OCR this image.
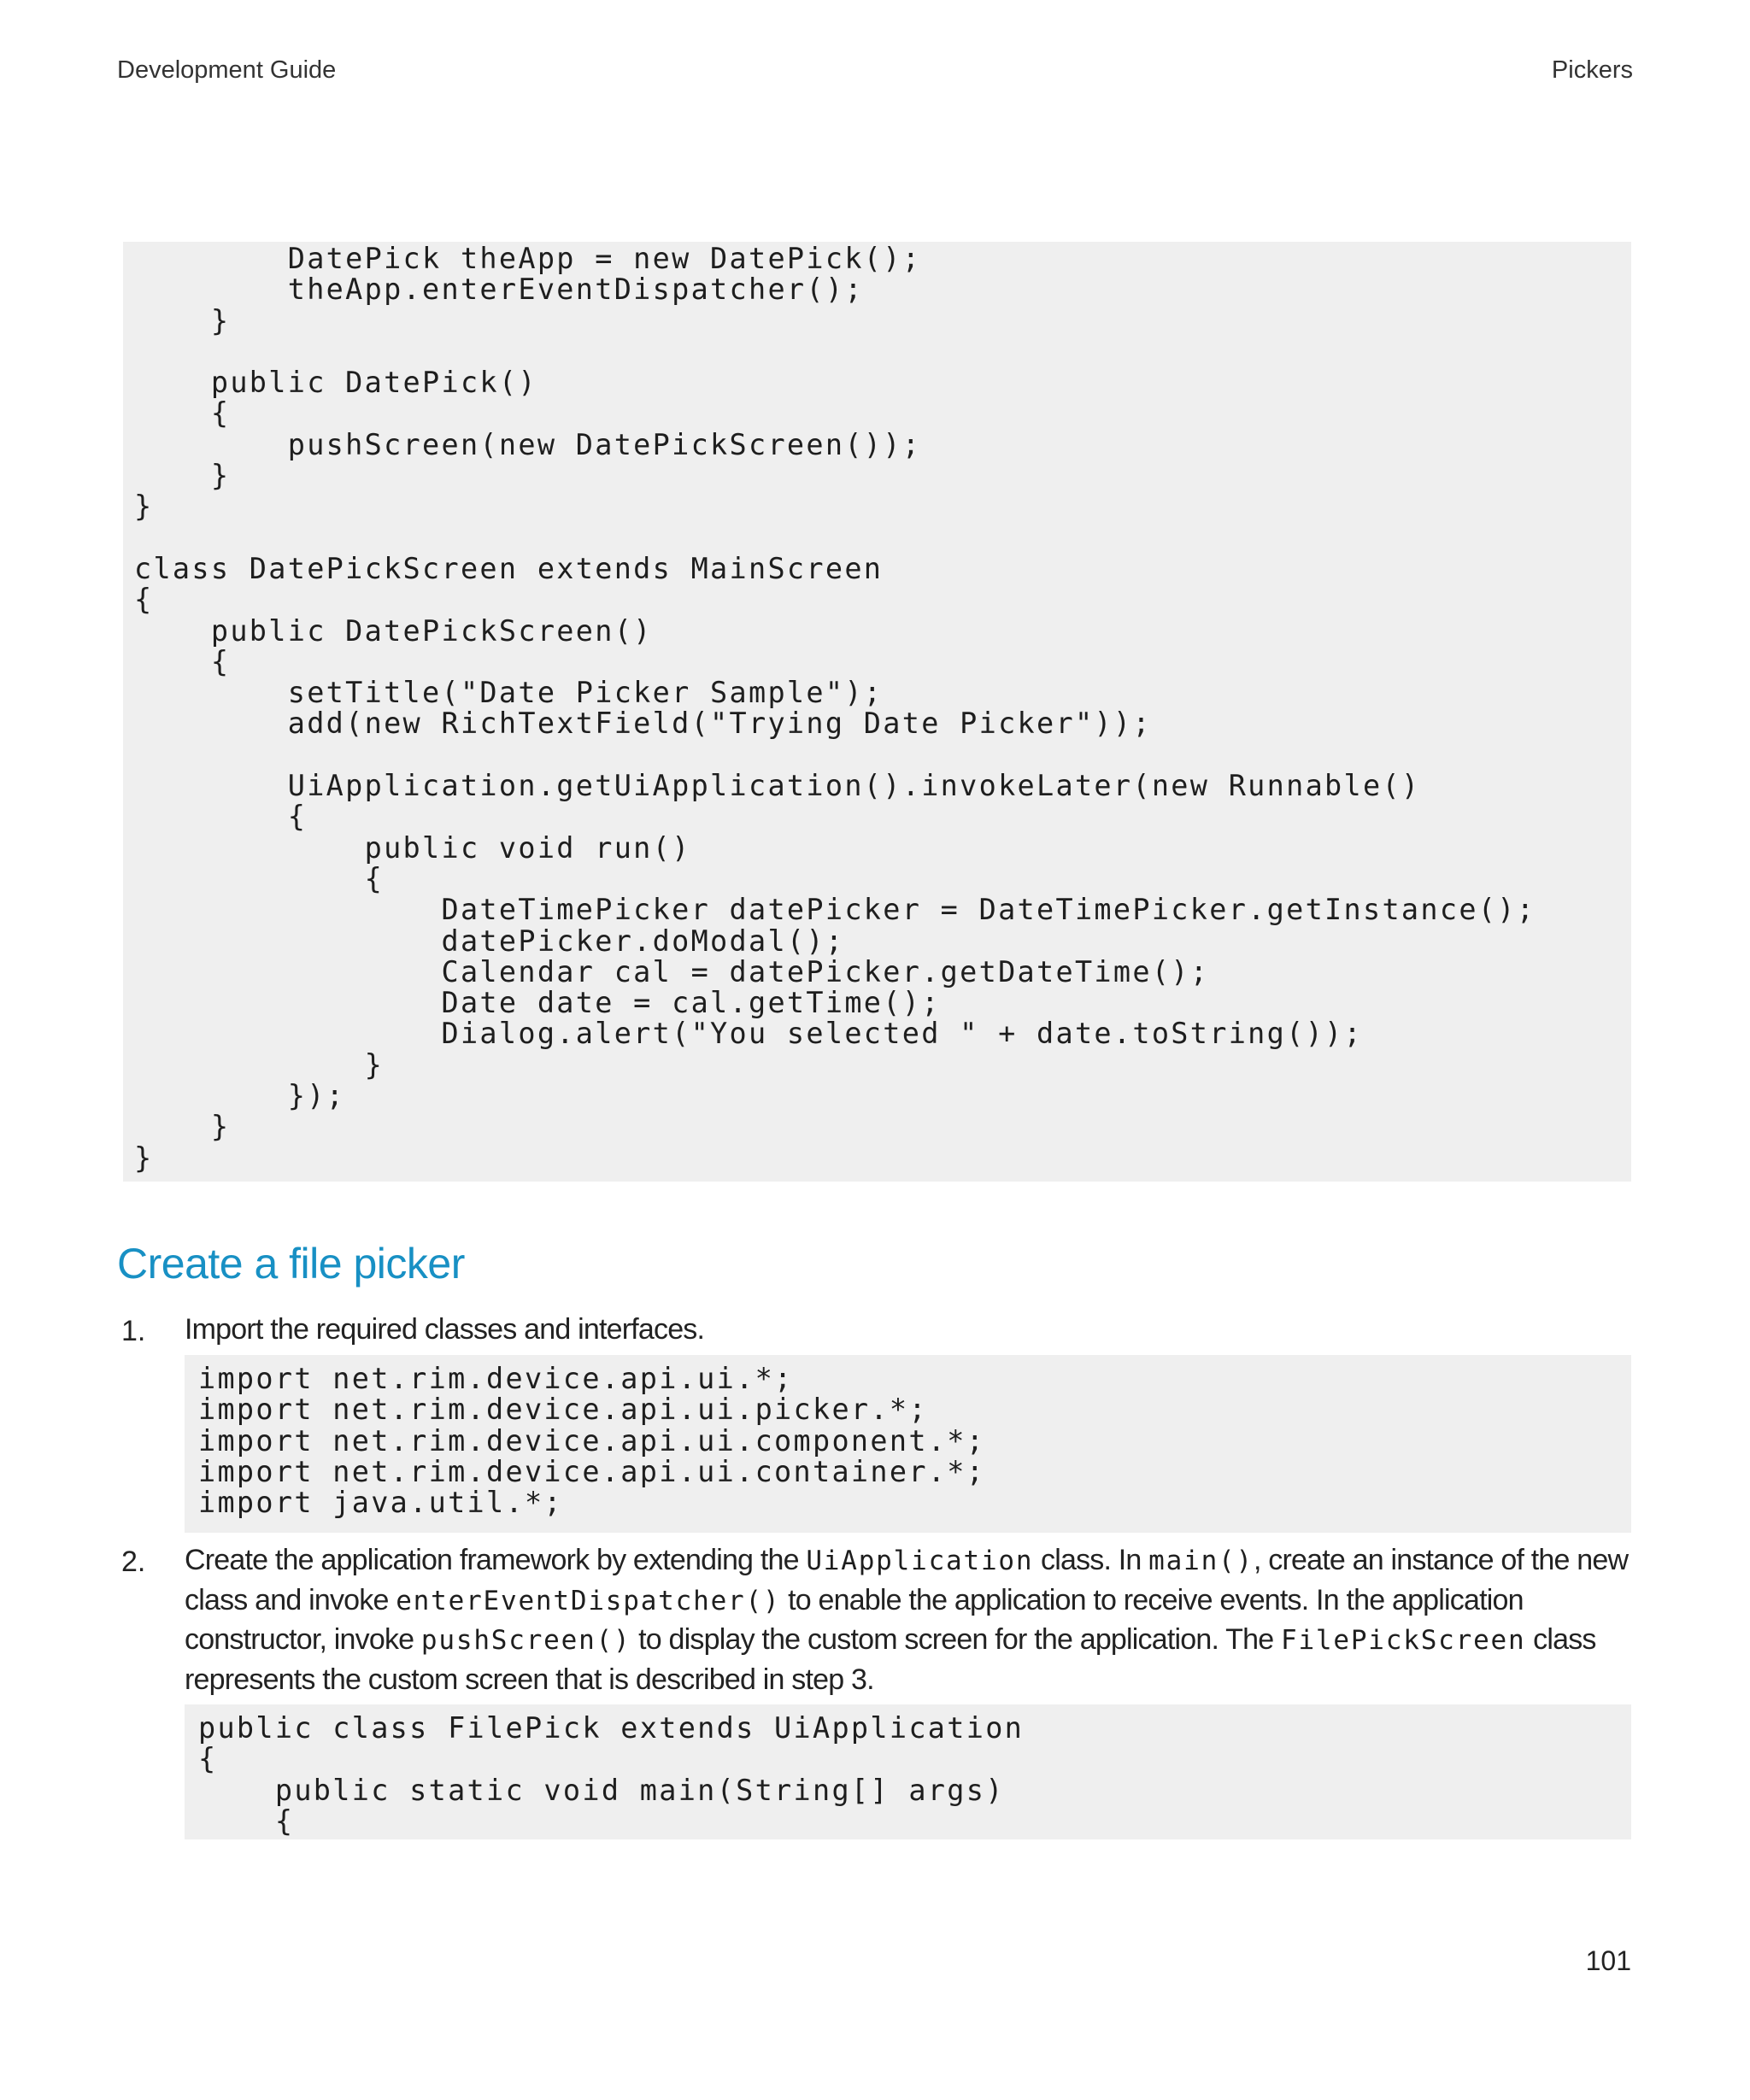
Development Guide	Pickers
DatePick theApp = new DatePick();
theApp.enterEventDispatcher();
}

public DatePick()
{
pushScreen(new DatePickScreen());
}
}

class DatePickScreen extends MainScreen
{
public DatePickScreen()
{
setTitle("Date Picker Sample");
add(new RichTextField("Trying Date Picker"));

UiApplication.getUiApplication().invokeLater(new Runnable()
{
public void run()
{
DateTimePicker datePicker = DateTimePicker.getInstance();
datePicker.doModal();
Calendar cal = datePicker.getDateTime();
Date date = cal.getTime();
Dialog.alert("You selected " + date.toString());
}
});
}
}
Create a file picker
1. Import the required classes and interfaces.
import net.rim.device.api.ui.*;
import net.rim.device.api.ui.picker.*;
import net.rim.device.api.ui.component.*;
import net.rim.device.api.ui.container.*;
import java.util.*;
2. Create the application framework by extending the UiApplication class. In main(), create an instance of the new class and invoke enterEventDispatcher() to enable the application to receive events. In the application constructor, invoke pushScreen() to display the custom screen for the application. The FilePickScreen class represents the custom screen that is described in step 3.
public class FilePick extends UiApplication
{
public static void main(String[] args)
{
101
